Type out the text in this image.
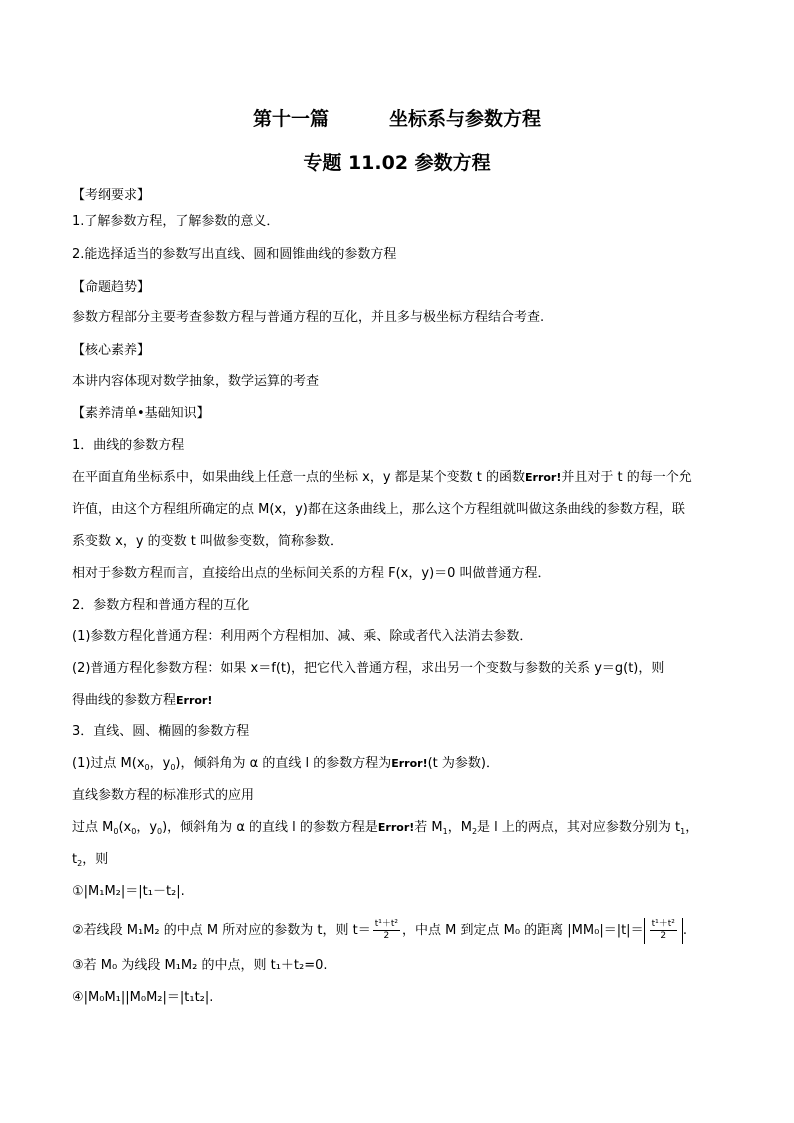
第十一篇	坐标系与参数方程
专题 11.02 参数方程
【考纲要求】
1.了解参数方程，了解参数的意义．
2.能选择适当的参数写出直线、圆和圆锥曲线的参数方程
【命题趋势】
参数方程部分主要考查参数方程与普通方程的互化，并且多与极坐标方程结合考查.
【核心素养】
本讲内容体现对数学抽象，数学运算的考查
【素养清单•基础知识】
1．曲线的参数方程
在平面直角坐标系中，如果曲线上任意一点的坐标 x，y 都是某个变数 t 的函数Error!并且对于 t 的每一个允
许值，由这个方程组所确定的点 M(x，y)都在这条曲线上，那么这个方程组就叫做这条曲线的参数方程，联
系变数 x，y 的变数 t 叫做参变数，简称参数．
相对于参数方程而言，直接给出点的坐标间关系的方程 F(x，y)＝0 叫做普通方程．
2．参数方程和普通方程的互化
(1)参数方程化普通方程：利用两个方程相加、减、乘、除或者代入法消去参数．
(2)普通方程化参数方程：如果 x＝f(t)，把它代入普通方程，求出另一个变数与参数的关系 y＝g(t)，则
得曲线的参数方程Error!
3．直线、圆、椭圆的参数方程
(1)过点 $M(x_0$，$y_0$)，倾斜角为 α 的直线 l 的参数方程为Error!(t 为参数)．
直线参数方程的标准形式的应用
过点 $M_0(x_0$，$y_0$)，倾斜角为 α 的直线 l 的参数方程是Error!若 $M_1$，$M_2$是 l 上的两点，其对应参数分别为 $t_1$，
$t_2$，则
①|M₁M₂|＝|t₁－t₂|.
②若线段 M₁M₂ 的中点 M 所对应的参数为 t，则 $t= \frac{\text{t¹＋t²}}{2}$ ，中点 M 到定点 M₀ 的距离 $|MM_0|=|t|= \frac{\text{t¹＋t²}}{2}$ .
③若 M₀ 为线段 M₁M₂ 的中点，则 t₁＋t₂=0.
④|M₀M₁||M₀M₂|＝|t₁t₂|.
